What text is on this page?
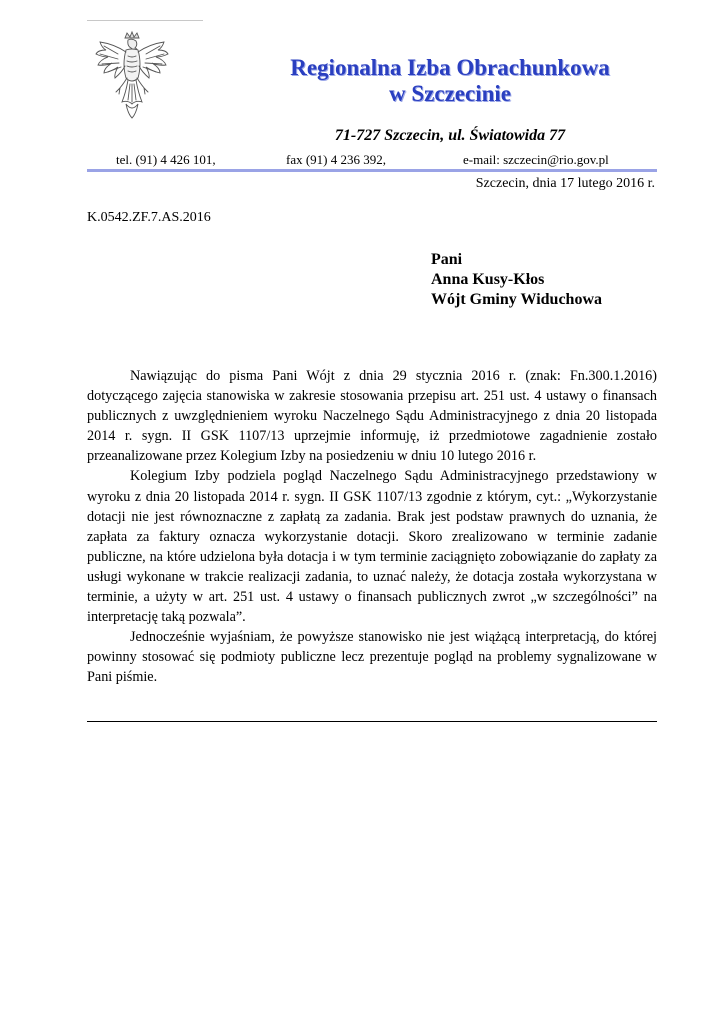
Regionalna Izba Obrachunkowa
w Szczecinie
71-727 Szczecin, ul. Światowida 77
tel. (91) 4 426 101,	fax (91) 4 236 392,	e-mail: szczecin@rio.gov.pl
Szczecin, dnia 17 lutego 2016 r.
K.0542.ZF.7.AS.2016
Pani
Anna Kusy-Kłos
Wójt Gminy Widuchowa

Nawiązując do pisma Pani Wójt z dnia 29 stycznia 2016 r. (znak: Fn.300.1.2016) dotyczącego zajęcia stanowiska w zakresie stosowania przepisu art. 251 ust. 4 ustawy o finansach publicznych z uwzględnieniem wyroku Naczelnego Sądu Administracyjnego z dnia 20 listopada 2014 r. sygn. II GSK 1107/13 uprzejmie informuję, iż przedmiotowe zagadnienie zostało przeanalizowane przez Kolegium Izby na posiedzeniu w dniu 10 lutego 2016 r.

Kolegium Izby podziela pogląd Naczelnego Sądu Administracyjnego przedstawiony w wyroku z dnia 20 listopada 2014 r. sygn. II GSK 1107/13 zgodnie z którym, cyt.: „Wykorzystanie dotacji nie jest równoznaczne z zapłatą za zadania. Brak jest podstaw prawnych do uznania, że zapłata za faktury oznacza wykorzystanie dotacji. Skoro zrealizowano w terminie zadanie publiczne, na które udzielona była dotacja i w tym terminie zaciągnięto zobowiązanie do zapłaty za usługi wykonane w trakcie realizacji zadania, to uznać należy, że dotacja została wykorzystana w terminie, a użyty w art. 251 ust. 4 ustawy o finansach publicznych zwrot „w szczególności” na interpretację taką pozwala”.

Jednocześnie wyjaśniam, że powyższe stanowisko nie jest wiążącą interpretacją, do której powinny stosować się podmioty publiczne lecz prezentuje pogląd na problemy sygnalizowane w Pani piśmie.
